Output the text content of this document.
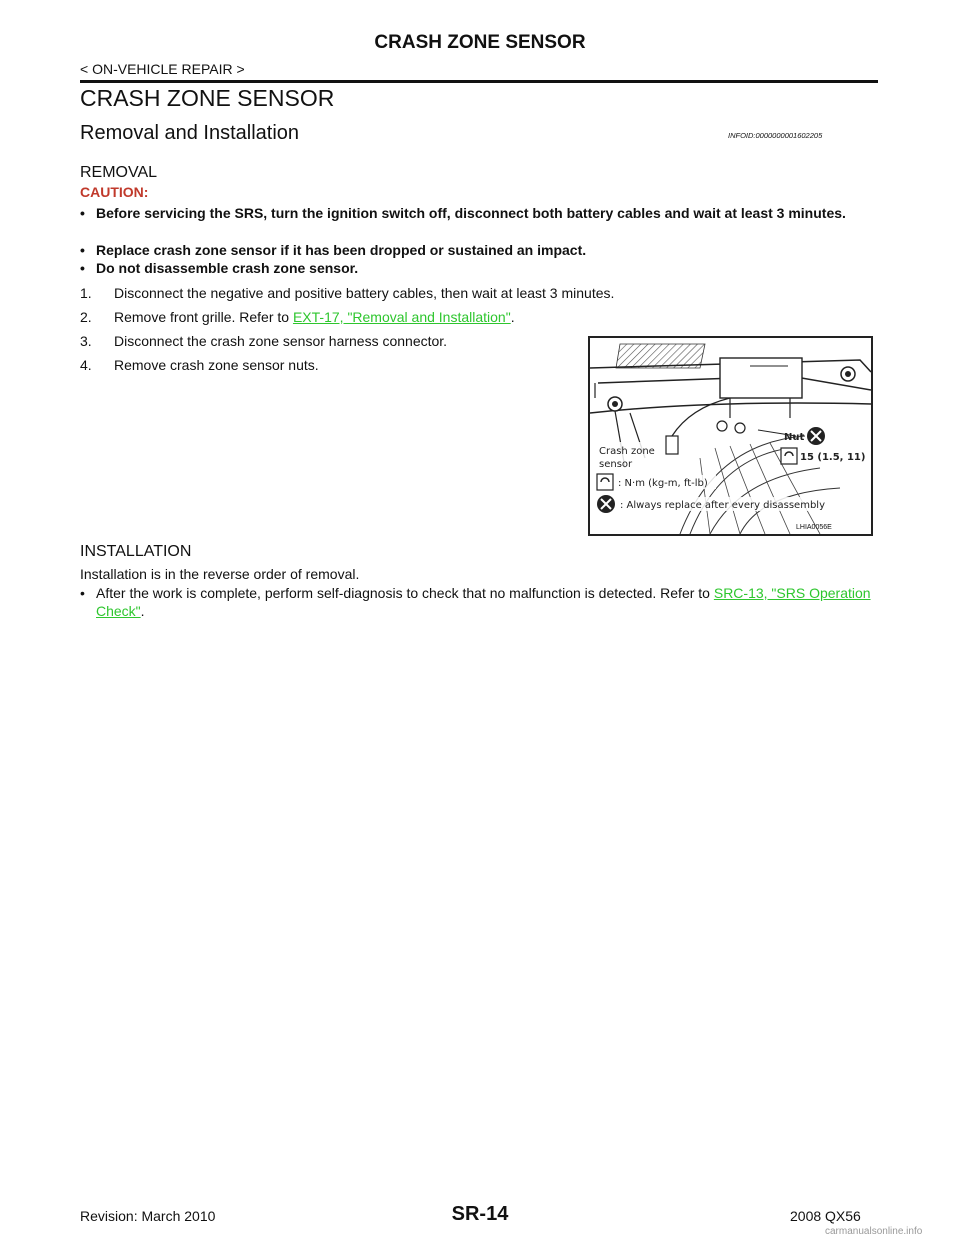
CRASH ZONE SENSOR
< ON-VEHICLE REPAIR >
CRASH ZONE SENSOR
Removal and Installation	INFOID:0000000001602205
REMOVAL
CAUTION:
• Before servicing the SRS, turn the ignition switch off, disconnect both battery cables and wait at least 3 minutes.
• Replace crash zone sensor if it has been dropped or sustained an impact.
• Do not disassemble crash zone sensor.
1. Disconnect the negative and positive battery cables, then wait at least 3 minutes.
2. Remove front grille. Refer to EXT-17, "Removal and Installation".
3. Disconnect the crash zone sensor harness connector.
4. Remove crash zone sensor nuts.
Crash zone
sensor
Nut
15 (1.5, 11)
: N·m (kg-m, ft-lb)
: Always replace after every disassembly
LHIA0056E
INSTALLATION
Installation is in the reverse order of removal.
• After the work is complete, perform self-diagnosis to check that no malfunction is detected. Refer to SRC-13, "SRS Operation Check".
Revision: March 2010	SR-14	2008 QX56
carmanualsonline.info
